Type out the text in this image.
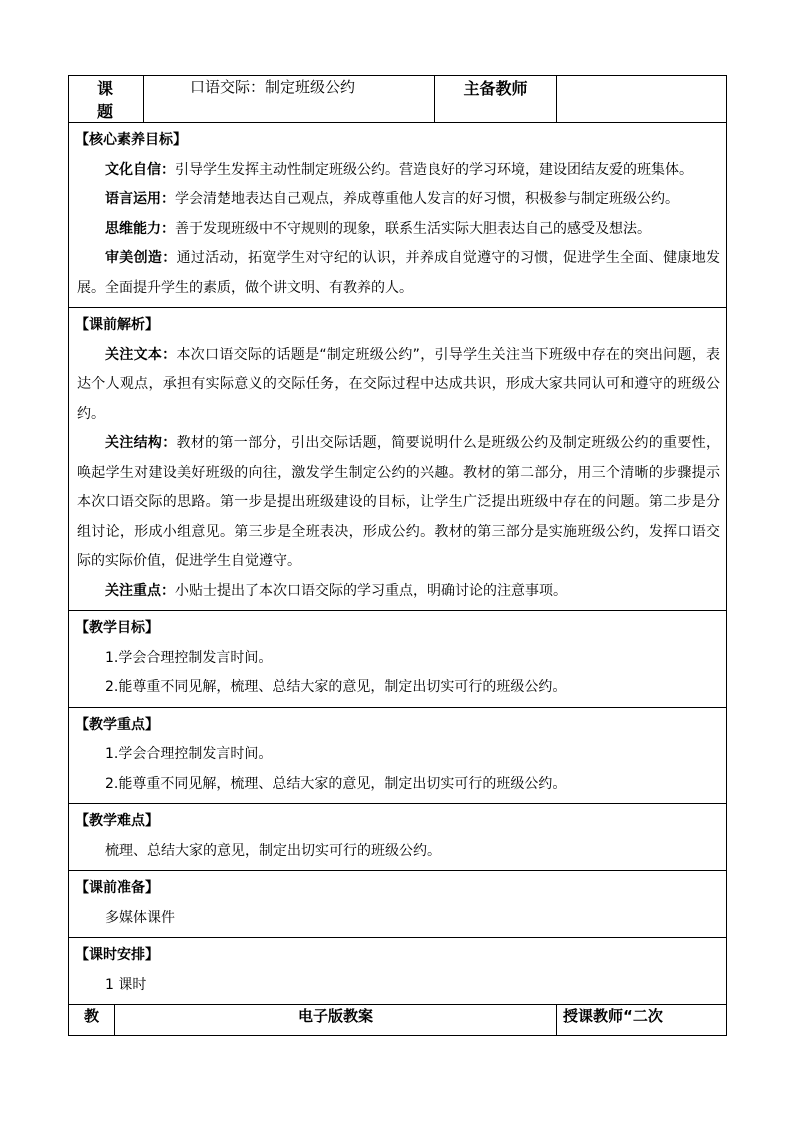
课 题		口语交际：制定班级公约	主备教师	

【核心素养目标】
文化自信：引导学生发挥主动性制定班级公约。营造良好的学习环境，建设团结友爱的班集体。
语言运用：学会清楚地表达自己观点，养成尊重他人发言的好习惯，积极参与制定班级公约。
思维能力：善于发现班级中不守规则的现象，联系生活实际大胆表达自己的感受及想法。
审美创造：通过活动，拓宽学生对守纪的认识，并养成自觉遵守的习惯，促进学生全面、健康地发展。全面提升学生的素质，做个讲文明、有教养的人。				

【课前解析】
关注文本：本次口语交际的话题是“制定班级公约”，引导学生关注当下班级中存在的突出问题，表达个人观点，承担有实际意义的交际任务，在交际过程中达成共识，形成大家共同认可和遵守的班级公约。
关注结构：教材的第一部分，引出交际话题，简要说明什么是班级公约及制定班级公约的重要性，唤起学生对建设美好班级的向往，激发学生制定公约的兴趣。教材的第二部分，用三个清晰的步骤提示本次口语交际的思路。第一步是提出班级建设的目标，让学生广泛提出班级中存在的问题。第二步是分组讨论，形成小组意见。第三步是全班表决，形成公约。教材的第三部分是实施班级公约，发挥口语交际的实际价值，促进学生自觉遵守。
关注重点：小贴士提出了本次口语交际的学习重点，明确讨论的注意事项。				

【教学目标】
1.学会合理控制发言时间。
2.能尊重不同见解，梳理、总结大家的意见，制定出切实可行的班级公约。				

【教学重点】
1.学会合理控制发言时间。
2.能尊重不同见解，梳理、总结大家的意见，制定出切实可行的班级公约。				

【教学难点】
梳理、总结大家的意见，制定出切实可行的班级公约。				

【课前准备】
多媒体课件				

【课时安排】
1 课时				

教	电子版教案			授课教师“二次
